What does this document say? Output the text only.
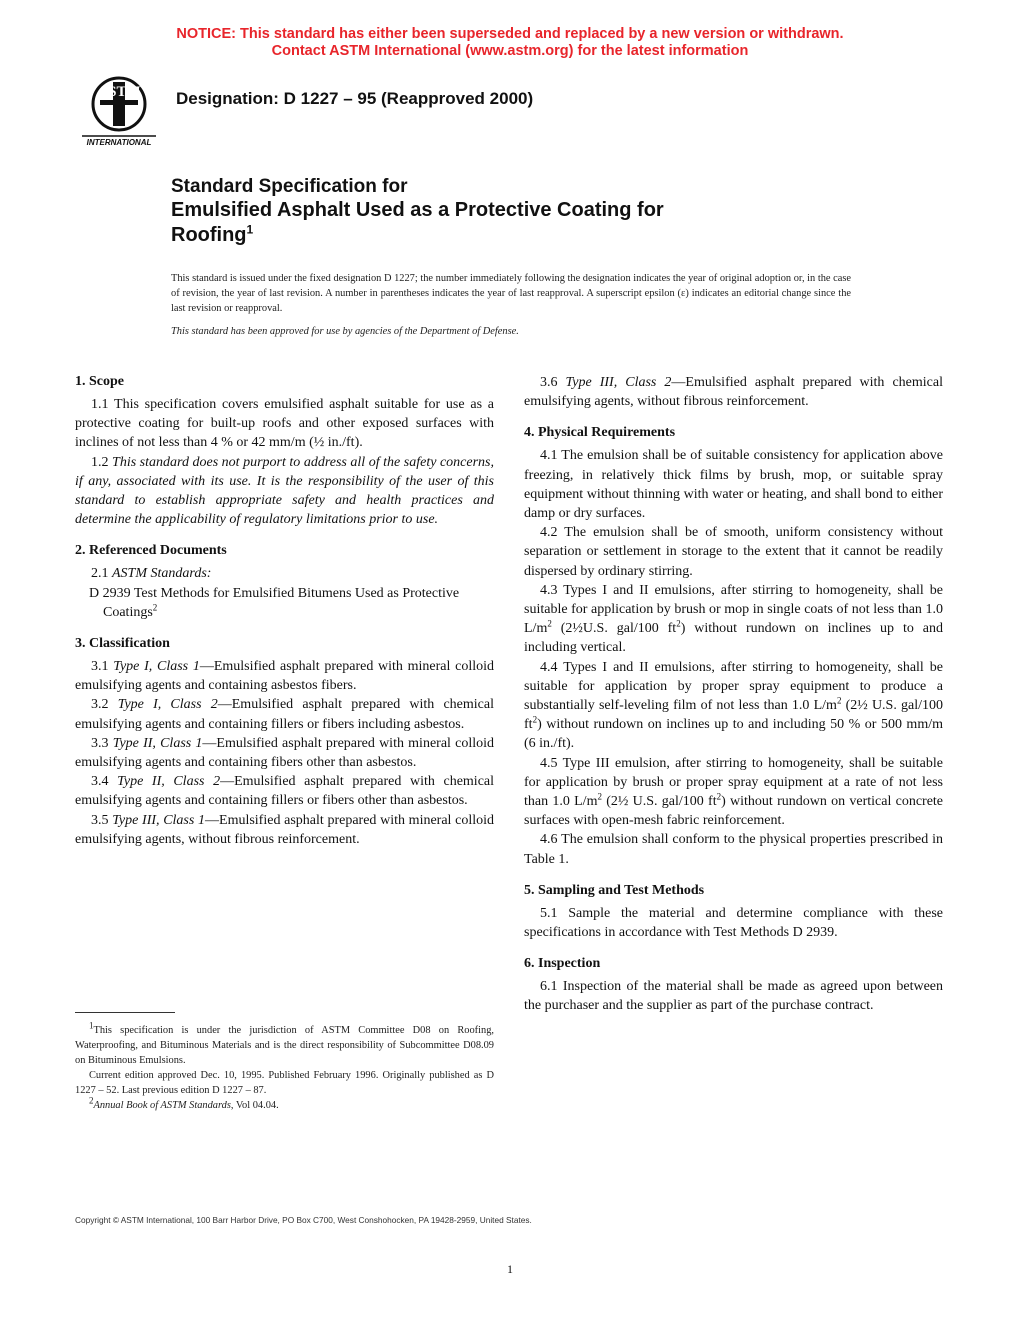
NOTICE: This standard has either been superseded and replaced by a new version or withdrawn.
Contact ASTM International (www.astm.org) for the latest information
ASTM
INTERNATIONAL
Designation: D 1227 – 95 (Reapproved 2000)
Standard Specification for
Emulsified Asphalt Used as a Protective Coating for
Roofing$^1$
This standard is issued under the fixed designation D 1227; the number immediately following the designation indicates the year of original adoption or, in the case of revision, the year of last revision. A number in parentheses indicates the year of last reapproval. A superscript epsilon (ε) indicates an editorial change since the last revision or reapproval.
This standard has been approved for use by agencies of the Department of Defense.
1. Scope

1.1 This specification covers emulsified asphalt suitable for use as a protective coating for built-up roofs and other exposed surfaces with inclines of not less than 4 % or 42 mm/m (½ in./ft).

1.2 This standard does not purport to address all of the safety concerns, if any, associated with its use. It is the responsibility of the user of this standard to establish appropriate safety and health practices and determine the applicability of regulatory limitations prior to use.

2. Referenced Documents

2.1 ASTM Standards:

D 2939 Test Methods for Emulsified Bitumens Used as Protective Coatings$^2$

3. Classification

3.1 Type I, Class 1—Emulsified asphalt prepared with mineral colloid emulsifying agents and containing asbestos fibers.

3.2 Type I, Class 2—Emulsified asphalt prepared with chemical emulsifying agents and containing fillers or fibers including asbestos.

3.3 Type II, Class 1—Emulsified asphalt prepared with mineral colloid emulsifying agents and containing fibers other than asbestos.

3.4 Type II, Class 2—Emulsified asphalt prepared with chemical emulsifying agents and containing fillers or fibers other than asbestos.

3.5 Type III, Class 1—Emulsified asphalt prepared with mineral colloid emulsifying agents, without fibrous reinforcement.

3.6 Type III, Class 2—Emulsified asphalt prepared with chemical emulsifying agents, without fibrous reinforcement.

4. Physical Requirements

4.1 The emulsion shall be of suitable consistency for application above freezing, in relatively thick films by brush, mop, or suitable spray equipment without thinning with water or heating, and shall bond to either damp or dry surfaces.

4.2 The emulsion shall be of smooth, uniform consistency without separation or settlement in storage to the extent that it cannot be readily dispersed by ordinary stirring.

4.3 Types I and II emulsions, after stirring to homogeneity, shall be suitable for application by brush or mop in single coats of not less than 1.0 $L/m^2$ (2½U.S. gal/100 $ft^2$) without rundown on inclines up to and including vertical.

4.4 Types I and II emulsions, after stirring to homogeneity, shall be suitable for application by proper spray equipment to produce a substantially self-leveling film of not less than 1.0 $L/m^2$ (2½ U.S. gal/100 $ft^2$) without rundown on inclines up to and including 50 % or 500 mm/m (6 in./ft).

4.5 Type III emulsion, after stirring to homogeneity, shall be suitable for application by brush or proper spray equipment at a rate of not less than 1.0 $L/m^2$ (2½ U.S. gal/100 $ft^2$) without rundown on vertical concrete surfaces with open-mesh fabric reinforcement.

4.6 The emulsion shall conform to the physical properties prescribed in Table 1.

5. Sampling and Test Methods

5.1 Sample the material and determine compliance with these specifications in accordance with Test Methods D 2939.

6. Inspection

6.1 Inspection of the material shall be made as agreed upon between the purchaser and the supplier as part of the purchase contract.

$^1$This specification is under the jurisdiction of ASTM Committee D08 on Roofing, Waterproofing, and Bituminous Materials and is the direct responsibility of Subcommittee D08.09 on Bituminous Emulsions.

Current edition approved Dec. 10, 1995. Published February 1996. Originally published as D 1227 – 52. Last previous edition D 1227 – 87.

$^2$Annual Book of ASTM Standards, Vol 04.04.

Copyright © ASTM International, 100 Barr Harbor Drive, PO Box C700, West Conshohocken, PA 19428-2959, United States.
1
